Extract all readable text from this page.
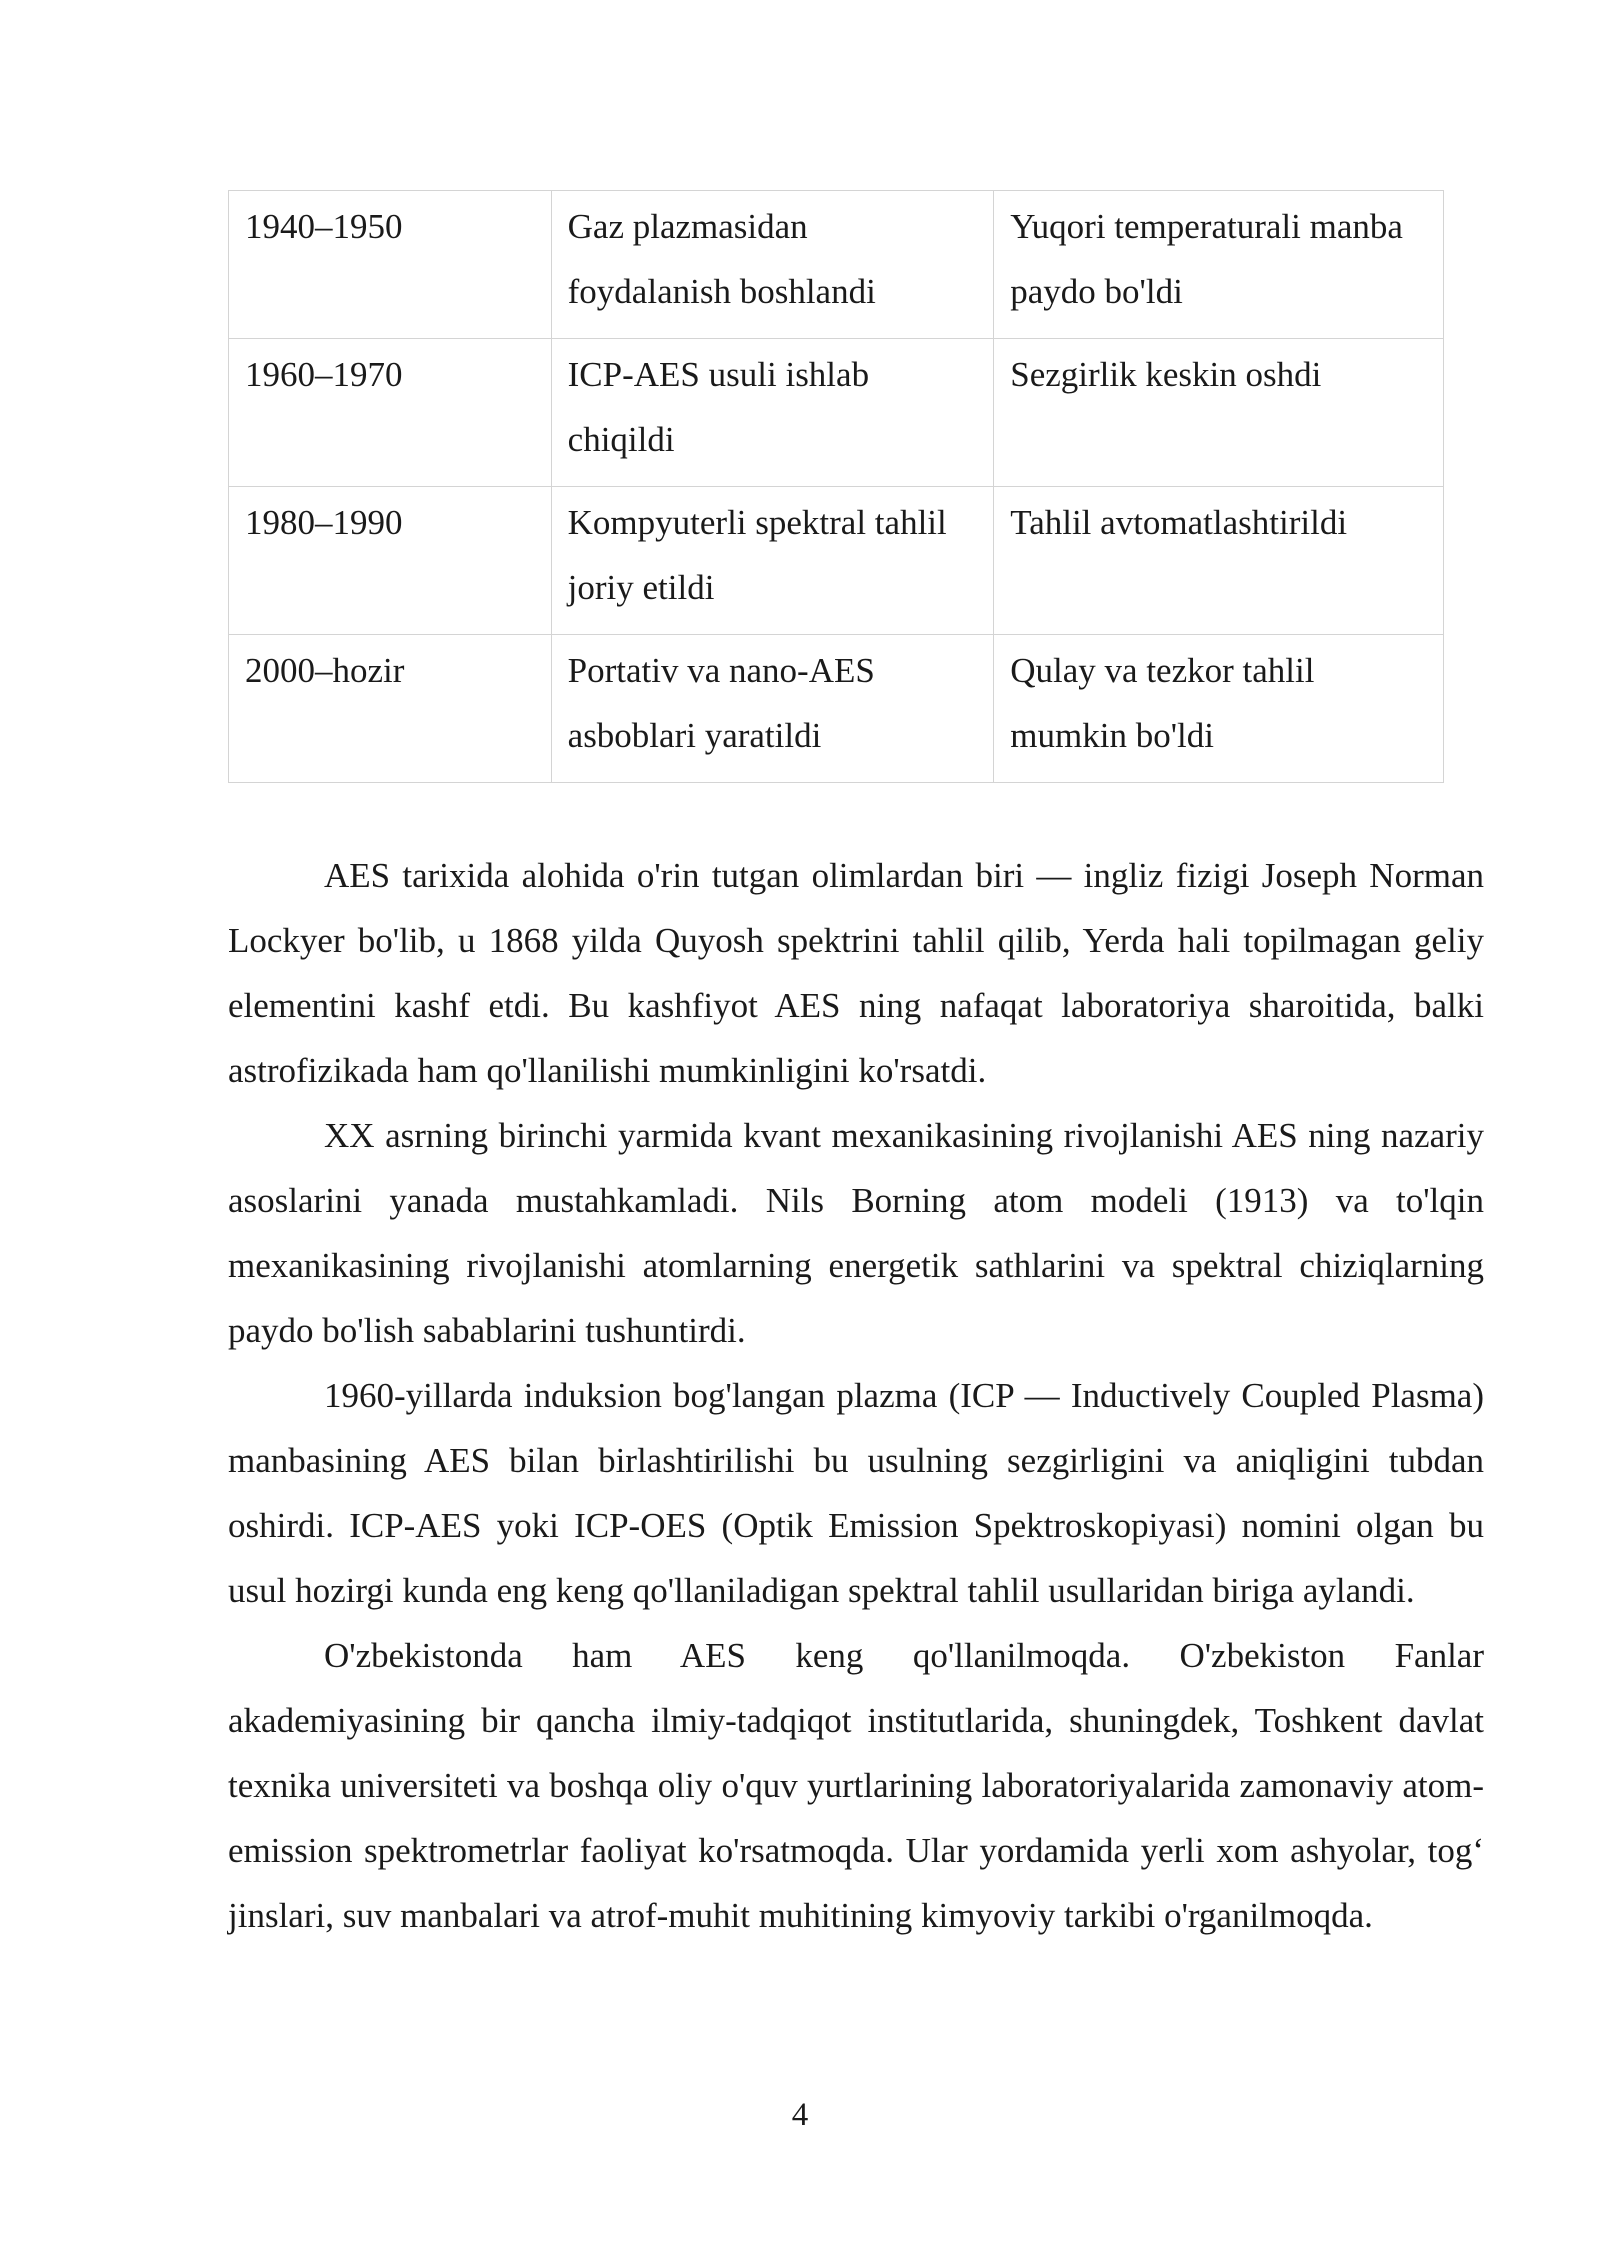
1940–1950	Gaz plazmasidan foydalanish boshlandi	Yuqori temperaturali manba paydo bo'ldi
1960–1970	ICP-AES usuli ishlab chiqildi	Sezgirlik keskin oshdi
1980–1990	Kompyuterli spektral tahlil joriy etildi	Tahlil avtomatlashtirildi
2000–hozir	Portativ va nano-AES asboblari yaratildi	Qulay va tezkor tahlil mumkin bo'ldi

AES tarixida alohida o'rin tutgan olimlardan biri — ingliz fizigi Joseph Norman Lockyer bo'lib, u 1868 yilda Quyosh spektrini tahlil qilib, Yerda hali topilmagan geliy elementini kashf etdi. Bu kashfiyot AES ning nafaqat laboratoriya sharoitida, balki astrofizikada ham qo'llanilishi mumkinligini ko'rsatdi.

XX asrning birinchi yarmida kvant mexanikasining rivojlanishi AES ning nazariy asoslarini yanada mustahkamladi. Nils Borning atom modeli (1913) va to'lqin mexanikasining rivojlanishi atomlarning energetik sathlarini va spektral chiziqlarning paydo bo'lish sabablarini tushuntirdi.

1960-yillarda induksion bog'langan plazma (ICP — Inductively Coupled Plasma) manbasining AES bilan birlashtirilishi bu usulning sezgirligini va aniqligini tubdan oshirdi. ICP-AES yoki ICP-OES (Optik Emission Spektroskopiyasi) nomini olgan bu usul hozirgi kunda eng keng qo'llaniladigan spektral tahlil usullaridan biriga aylandi.

O'zbekistonda ham AES keng qo'llanilmoqda. O'zbekiston Fanlar akademiyasining bir qancha ilmiy-tadqiqot institutlarida, shuningdek, Toshkent davlat texnika universiteti va boshqa oliy o'quv yurtlarining laboratoriyalarida zamonaviy atom-emission spektrometrlar faoliyat ko'rsatmoqda. Ular yordamida yerli xom ashyolar, tog‘ jinslari, suv manbalari va atrof-muhit muhitining kimyoviy tarkibi o'rganilmoqda.

4
